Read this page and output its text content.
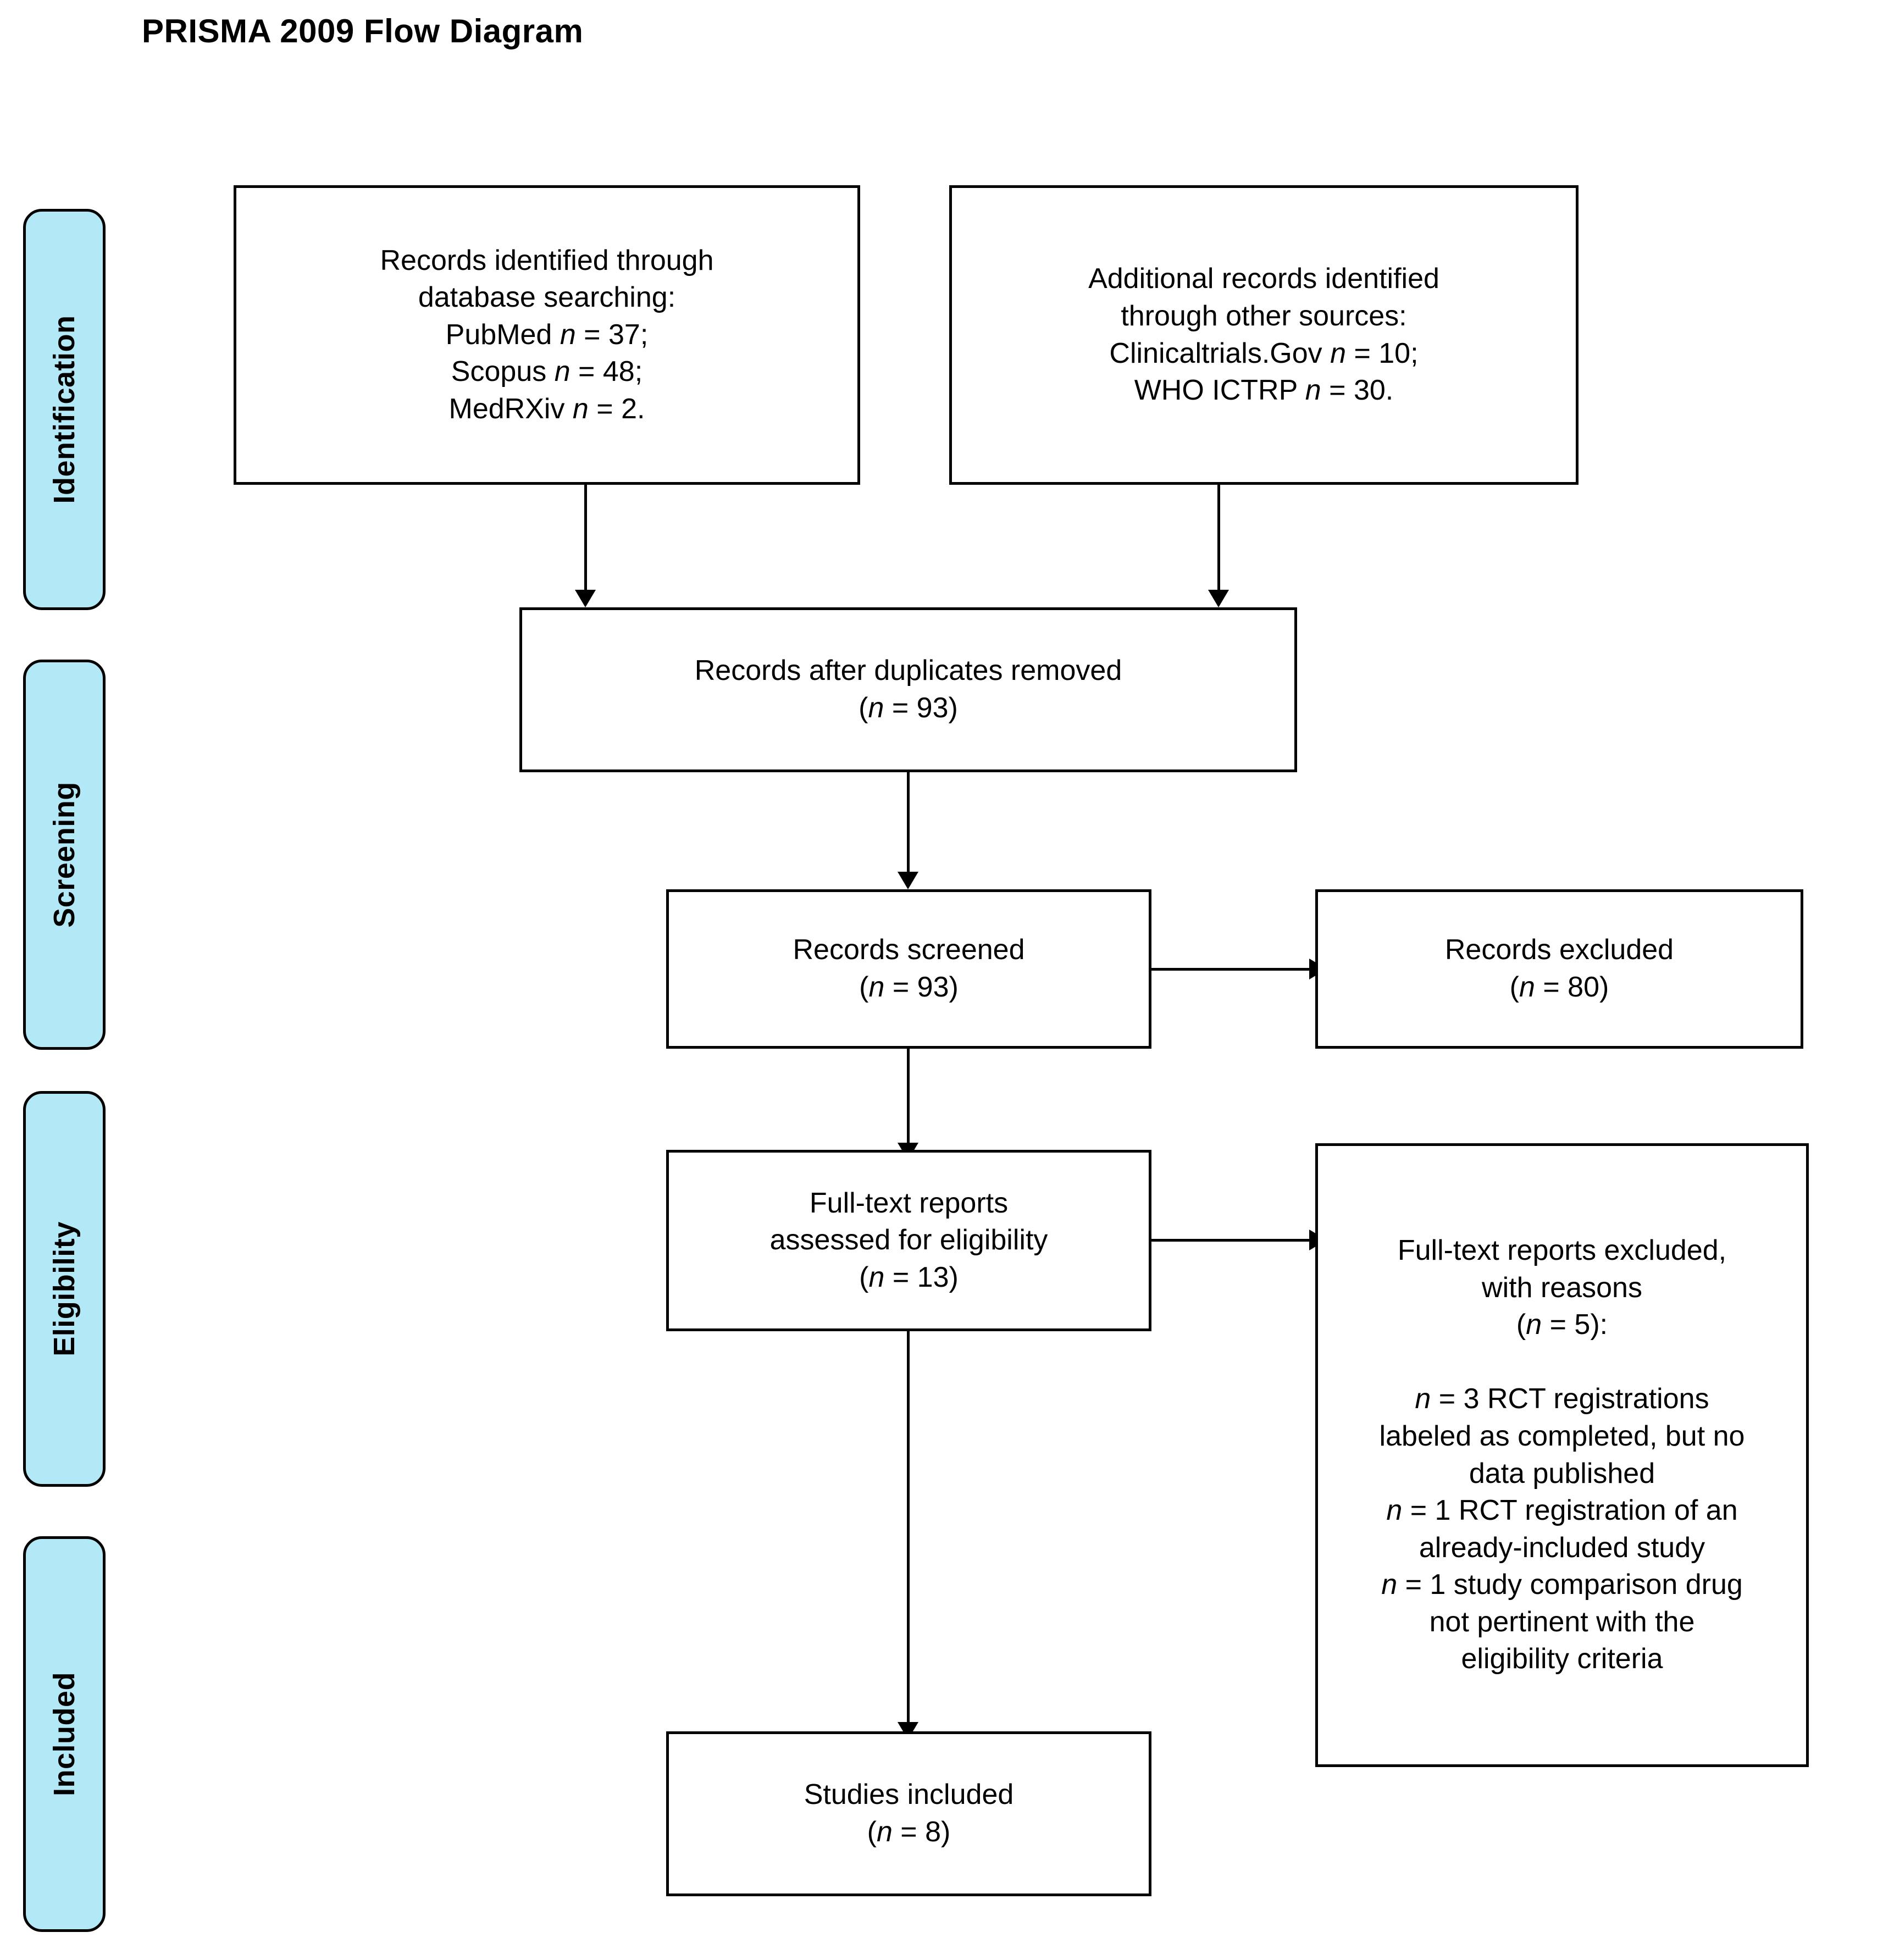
PRISMA 2009 Flow Diagram
Identification
Screening
Eligibility
Included
Records identified through
database searching:
PubMed n = 37;
Scopus n = 48;
MedRXiv n = 2.
Additional records identified
through other sources:
Clinicaltrials.Gov n = 10;
WHO ICTRP n = 30.
Records after duplicates removed
(n = 93)
Records screened
(n = 93)
Records excluded
(n = 80)
Full-text reports
assessed for eligibility
(n = 13)
Full-text reports excluded,
with reasons
(n = 5):

n = 3 RCT registrations
labeled as completed, but no
data published
n = 1 RCT registration of an
already-included study
n = 1 study comparison drug
not pertinent with the
eligibility criteria
Studies included
(n = 8)
